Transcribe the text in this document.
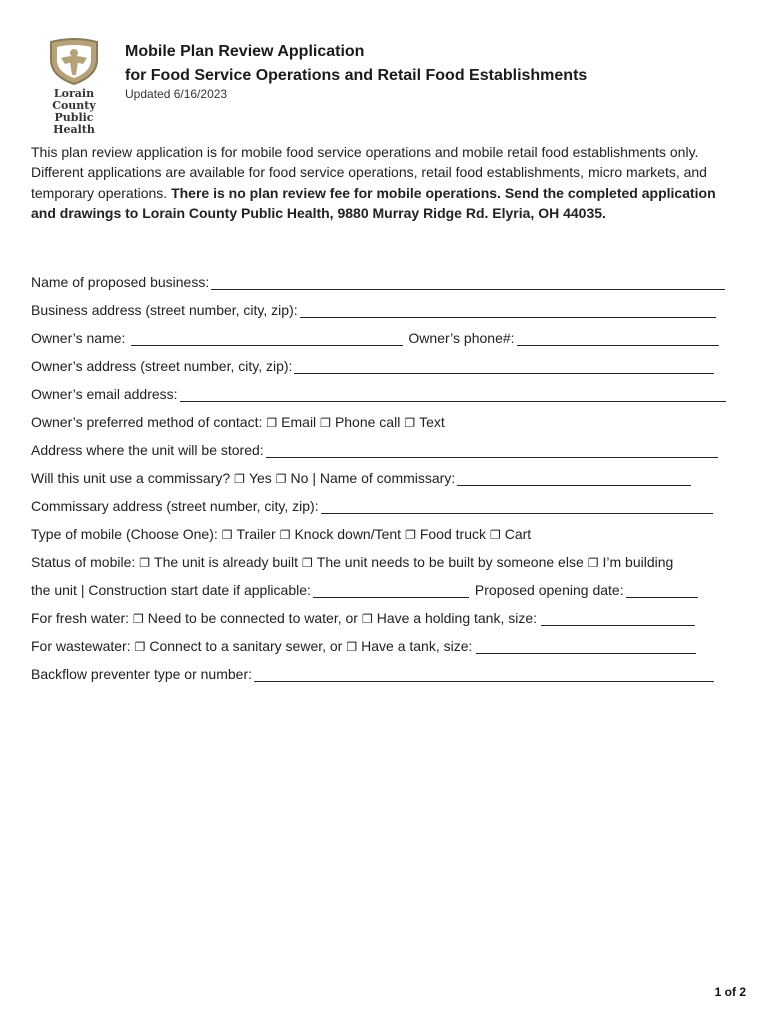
Lorain County
Public Health
Mobile Plan Review Application
for Food Service Operations and Retail Food Establishments
Updated 6/16/2023
This plan review application is for mobile food service operations and mobile retail food establishments only. Different applications are available for food service operations, retail food establishments, micro markets, and temporary operations. There is no plan review fee for mobile operations. Send the completed application and drawings to Lorain County Public Health, 9880 Murray Ridge Rd. Elyria, OH 44035.
Name of proposed business:
Business address (street number, city, zip):
Owner’s name:	Owner’s phone#:
Owner’s address (street number, city, zip):
Owner’s email address:
Owner’s preferred method of contact: ❐ Email ❐ Phone call ❐ Text
Address where the unit will be stored:
Will this unit use a commissary? ❐ Yes ❐ No | Name of commissary:
Commissary address (street number, city, zip):
Type of mobile (Choose One): ❐ Trailer ❐ Knock down/Tent ❐ Food truck ❐ Cart
Status of mobile: ❐ The unit is already built ❐ The unit needs to be built by someone else ❐ I’m building
the unit | Construction start date if applicable:	Proposed opening date:
For fresh water: ❐ Need to be connected to water, or ❐ Have a holding tank, size:
For wastewater: ❐ Connect to a sanitary sewer, or ❐ Have a tank, size:
Backflow preventer type or number:
1 of 2
